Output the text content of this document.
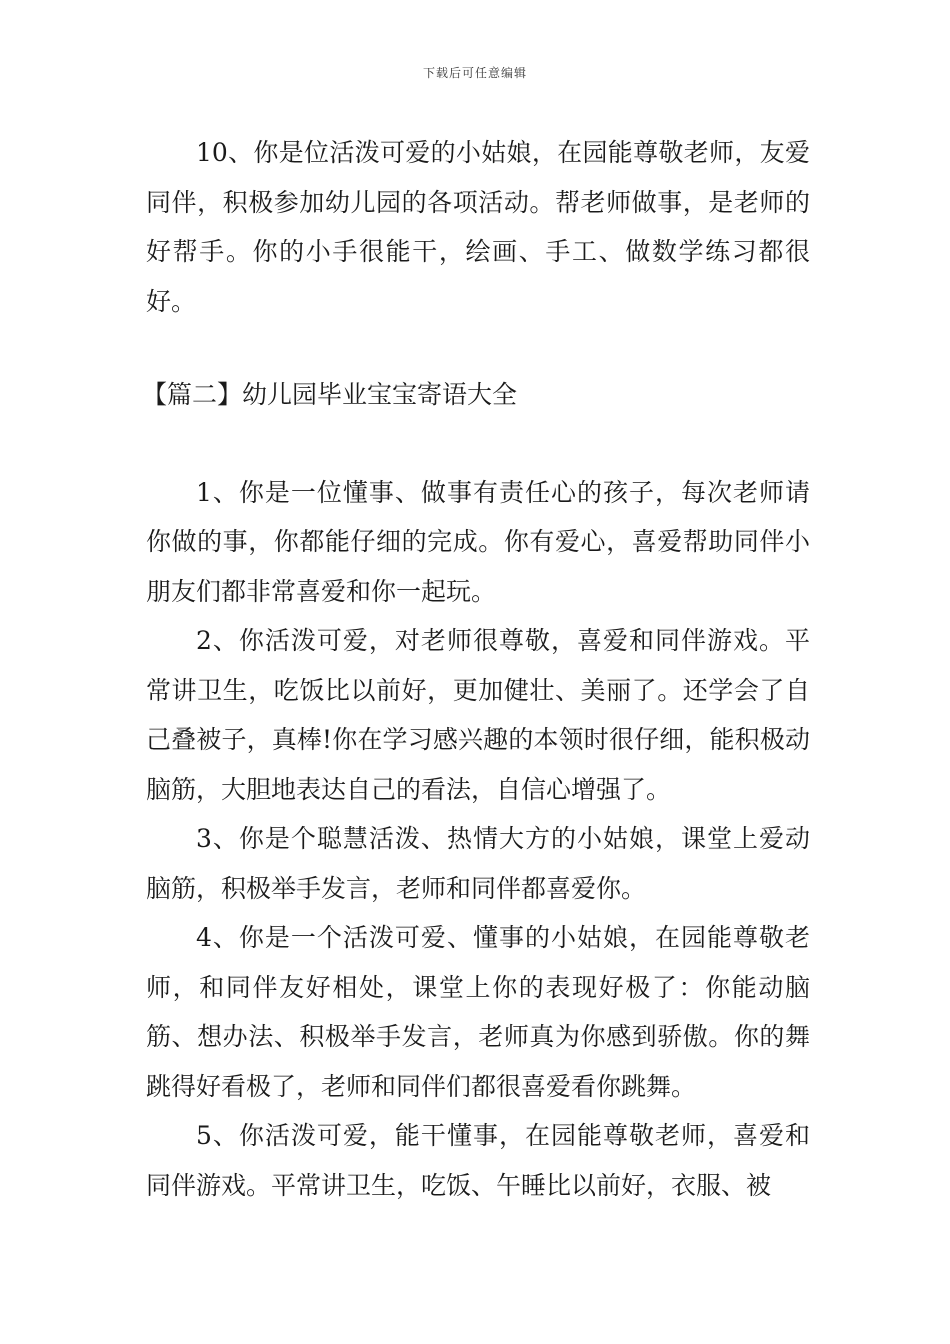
下载后可任意编辑

10、你是位活泼可爱的小姑娘，在园能尊敬老师，友爱同伴，积极参加幼儿园的各项活动。帮老师做事，是老师的好帮手。你的小手很能干，绘画、手工、做数学练习都很好。

【篇二】幼儿园毕业宝宝寄语大全

1、你是一位懂事、做事有责任心的孩子，每次老师请你做的事，你都能仔细的完成。你有爱心，喜爱帮助同伴小朋友们都非常喜爱和你一起玩。

2、你活泼可爱，对老师很尊敬，喜爱和同伴游戏。平常讲卫生，吃饭比以前好，更加健壮、美丽了。还学会了自己叠被子，真棒!你在学习感兴趣的本领时很仔细，能积极动脑筋，大胆地表达自己的看法，自信心增强了。

3、你是个聪慧活泼、热情大方的小姑娘，课堂上爱动脑筋，积极举手发言，老师和同伴都喜爱你。

4、你是一个活泼可爱、懂事的小姑娘，在园能尊敬老师，和同伴友好相处，课堂上你的表现好极了：你能动脑筋、想办法、积极举手发言，老师真为你感到骄傲。你的舞跳得好看极了，老师和同伴们都很喜爱看你跳舞。

5、你活泼可爱，能干懂事，在园能尊敬老师，喜爱和同伴游戏。平常讲卫生，吃饭、午睡比以前好，衣服、被
